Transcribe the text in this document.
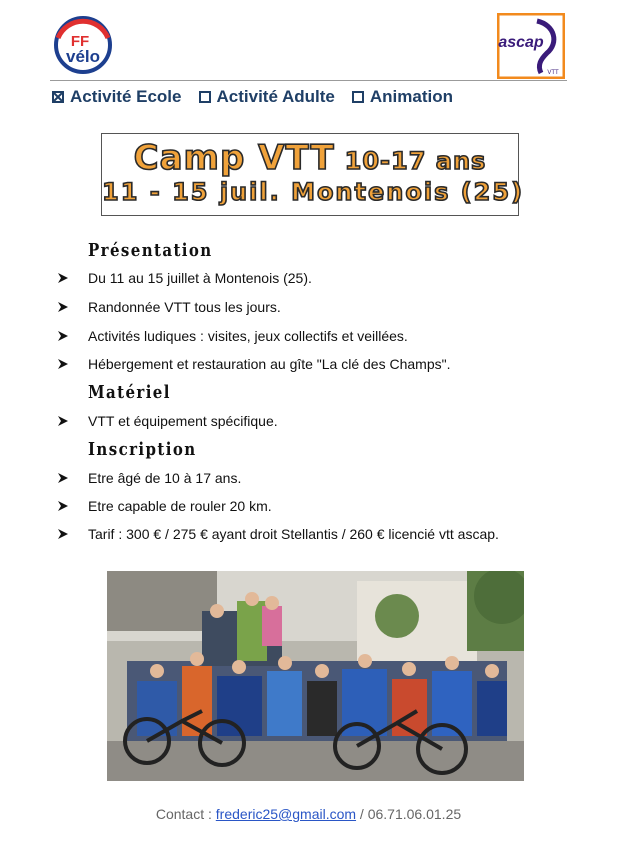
FF
vélo
ascap
VTT
Activité Ecole Activité Adulte Animation
Camp VTT 10-17 ans
11 - 15 juil. Montenois (25)
Présentation
Du 11 au 15 juillet à Montenois (25).
Randonnée VTT tous les jours.
Activités ludiques : visites, jeux collectifs et veillées.
Hébergement et restauration au gîte "La clé des Champs".
Matériel
VTT et équipement spécifique.
Inscription
Etre âgé de 10 à 17 ans.
Etre capable de rouler 20 km.
Tarif : 300 € / 275 € ayant droit Stellantis / 260 € licencié vtt ascap.
Contact : frederic25@gmail.com / 06.71.06.01.25
